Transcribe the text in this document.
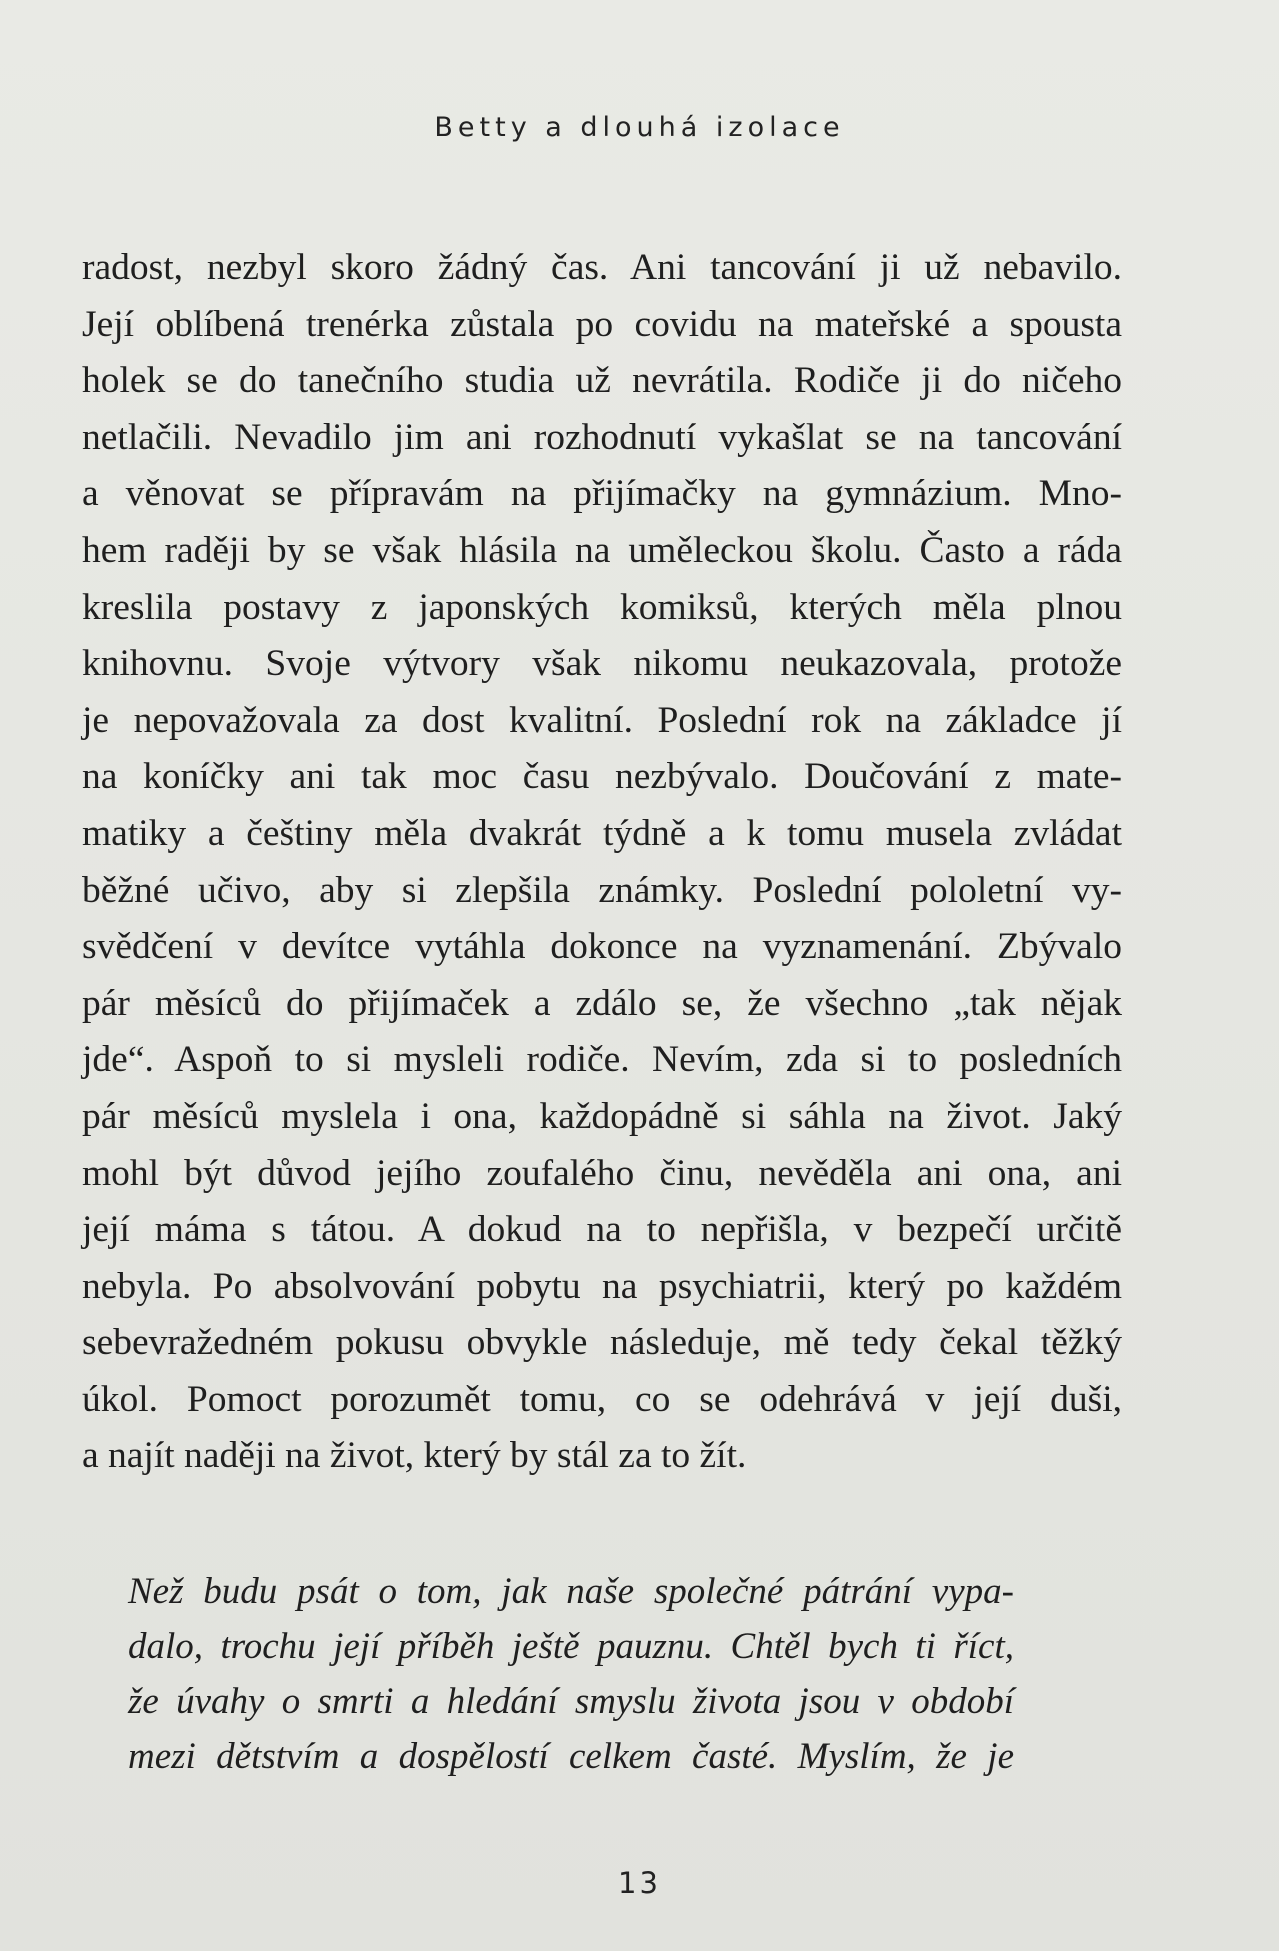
Betty a dlouhá izolace
radost, nezbyl skoro žádný čas. Ani tancování ji už nebavilo.
Její oblíbená trenérka zůstala po covidu na mateřské a spousta
holek se do tanečního studia už nevrátila. Rodiče ji do ničeho
netlačili. Nevadilo jim ani rozhodnutí vykašlat se na tancování
a věnovat se přípravám na přijímačky na gymnázium. Mno-
hem raději by se však hlásila na uměleckou školu. Často a ráda
kreslila postavy z japonských komiksů, kterých měla plnou
knihovnu. Svoje výtvory však nikomu neukazovala, protože
je nepovažovala za dost kvalitní. Poslední rok na základce jí
na koníčky ani tak moc času nezbývalo. Doučování z mate-
matiky a češtiny měla dvakrát týdně a k tomu musela zvládat
běžné učivo, aby si zlepšila známky. Poslední pololetní vy-
svědčení v devítce vytáhla dokonce na vyznamenání. Zbývalo
pár měsíců do přijímaček a zdálo se, že všechno „tak nějak
jde“. Aspoň to si mysleli rodiče. Nevím, zda si to posledních
pár měsíců myslela i ona, každopádně si sáhla na život. Jaký
mohl být důvod jejího zoufalého činu, nevěděla ani ona, ani
její máma s tátou. A dokud na to nepřišla, v bezpečí určitě
nebyla. Po absolvování pobytu na psychiatrii, který po každém
sebevražedném pokusu obvykle následuje, mě tedy čekal těžký
úkol. Pomoct porozumět tomu, co se odehrává v její duši,
a najít naději na život, který by stál za to žít.
Než budu psát o tom, jak naše společné pátrání vypa-
dalo, trochu její příběh ještě pauznu. Chtěl bych ti říct,
že úvahy o smrti a hledání smyslu života jsou v období
mezi dětstvím a dospělostí celkem časté. Myslím, že je
13
